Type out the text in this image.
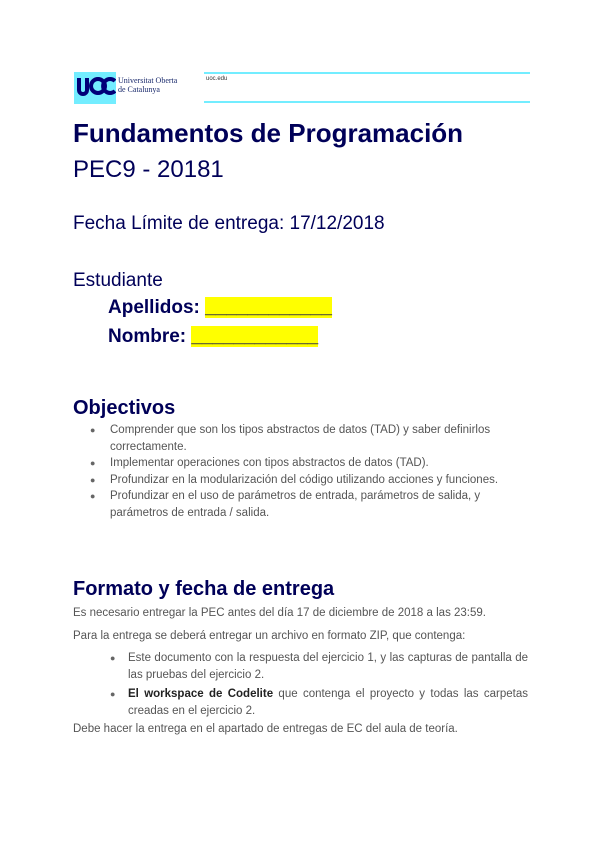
Universitat Oberta
de Catalunya
uoc.edu
Fundamentos de Programación
PEC9 - 20181
Fecha Límite de entrega: 17/12/2018
Estudiante
Apellidos: ____________
Nombre: ____________
Objectivos
● Comprender que son los tipos abstractos de datos (TAD) y saber definirlos correctamente.
● Implementar operaciones con tipos abstractos de datos (TAD).
● Profundizar en la modularización del código utilizando acciones y funciones.
● Profundizar en el uso de parámetros de entrada, parámetros de salida, y parámetros de entrada / salida.
Formato y fecha de entrega
Es necesario entregar la PEC antes del día 17 de diciembre de 2018 a las 23:59.
Para la entrega se deberá entregar un archivo en formato ZIP, que contenga:
●	Este documento con la respuesta del ejercicio 1, y las capturas de pantalla de las pruebas del ejercicio 2.
●	El workspace de Codelite que contenga el proyecto y todas las carpetas creadas en el ejercicio 2.
Debe hacer la entrega en el apartado de entregas de EC del aula de teoría.
